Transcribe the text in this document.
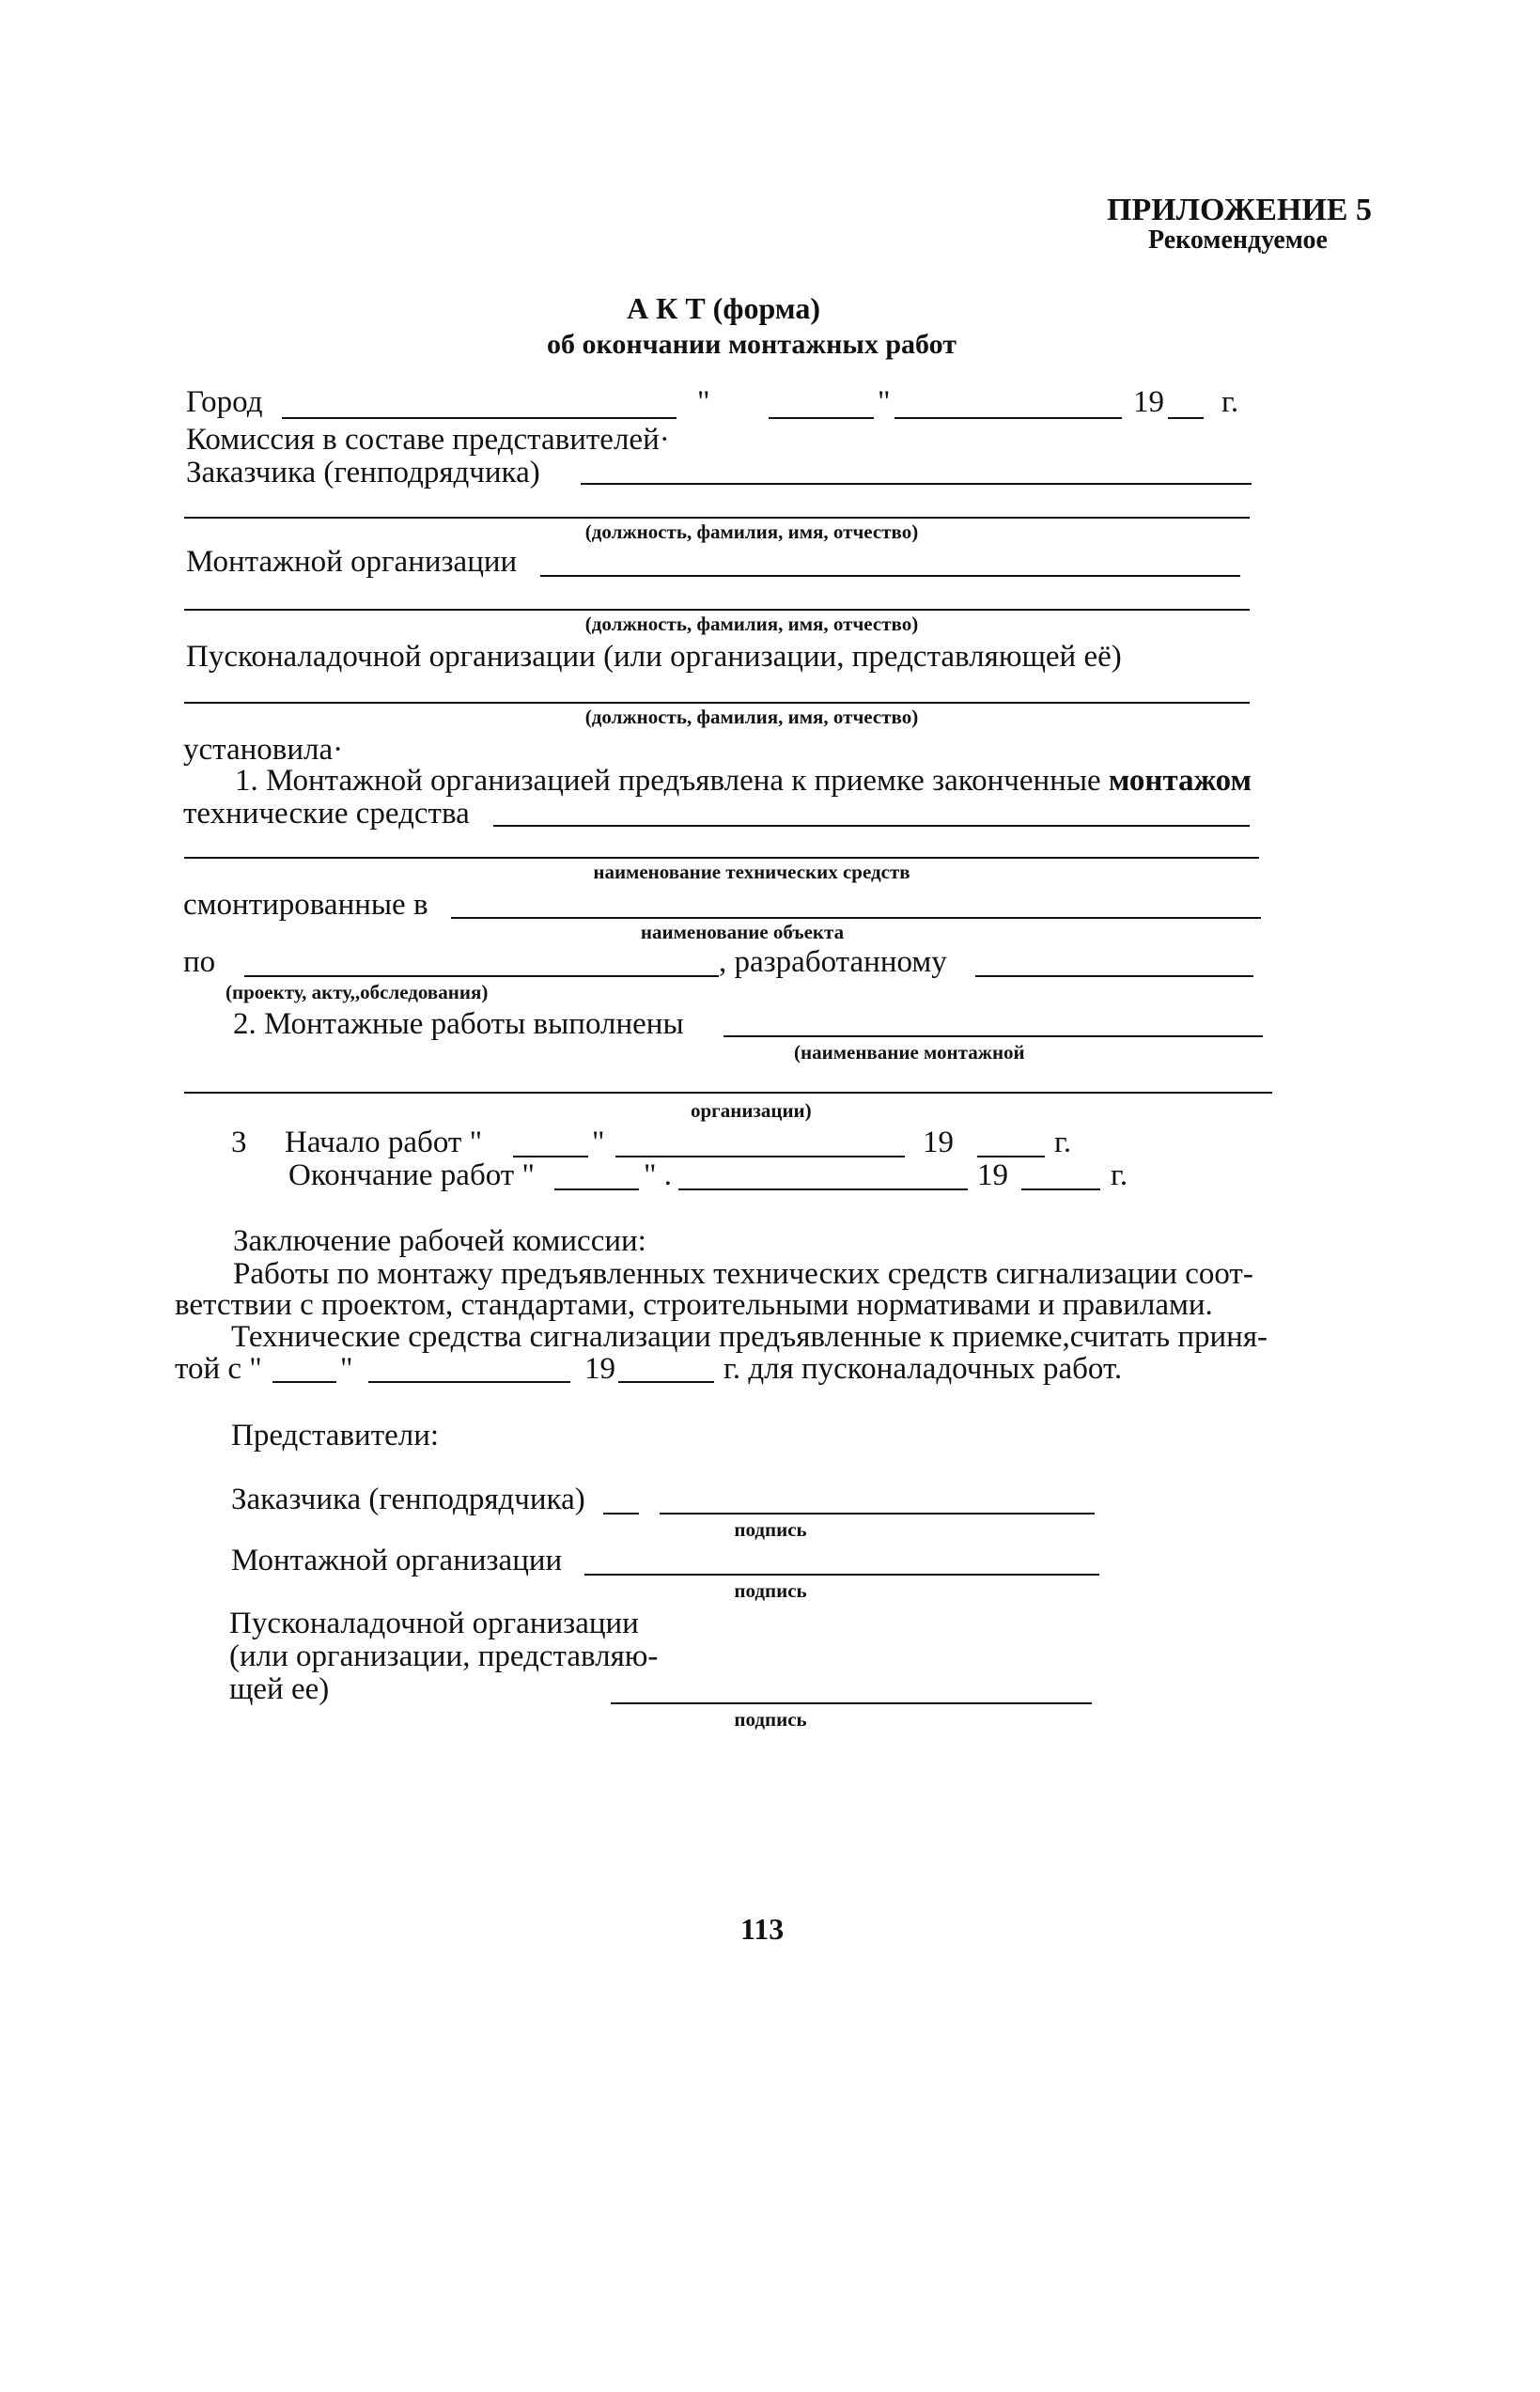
ПРИЛОЖЕНИЕ 5
Рекомендуемое
А К Т (форма)
об окончании монтажных работ
Город	"	"	19 г.
Комиссия в составе представителей·
Заказчика (генподрядчика)
(должность, фамилия, имя, отчество)
Монтажной организации
(должность, фамилия, имя, отчество)
Пусконаладочной организации (или организации, представляющей её)
(должность, фамилия, имя, отчество)
установила·
1. Монтажной организацией предъявлена к приемке законченные монтажом
технические средства
наименование технических средств
смонтированные в
наименование объекта
по	, разработанному
(проекту, акту,,обследования)
2. Монтажные работы выполнены
(наименвание монтажной
организации)
3 Начало работ "	"	19	г.
Окончание работ "	" .	19	г.
Заключение рабочей комиссии:
Работы по монтажу предъявленных технических средств сигнализации соот-
ветствии с проектом, стандартами, строительными нормативами и правилами.
Технические средства сигнализации предъявленные к приемке,считать приня-
той с "	"	19	г. для пусконаладочных работ.
Представители:
Заказчика (генподрядчика)
подпись
Монтажной организации
подпись
Пусконаладочной организации
(или организации, представляю-
щей ее)
подпись
113
